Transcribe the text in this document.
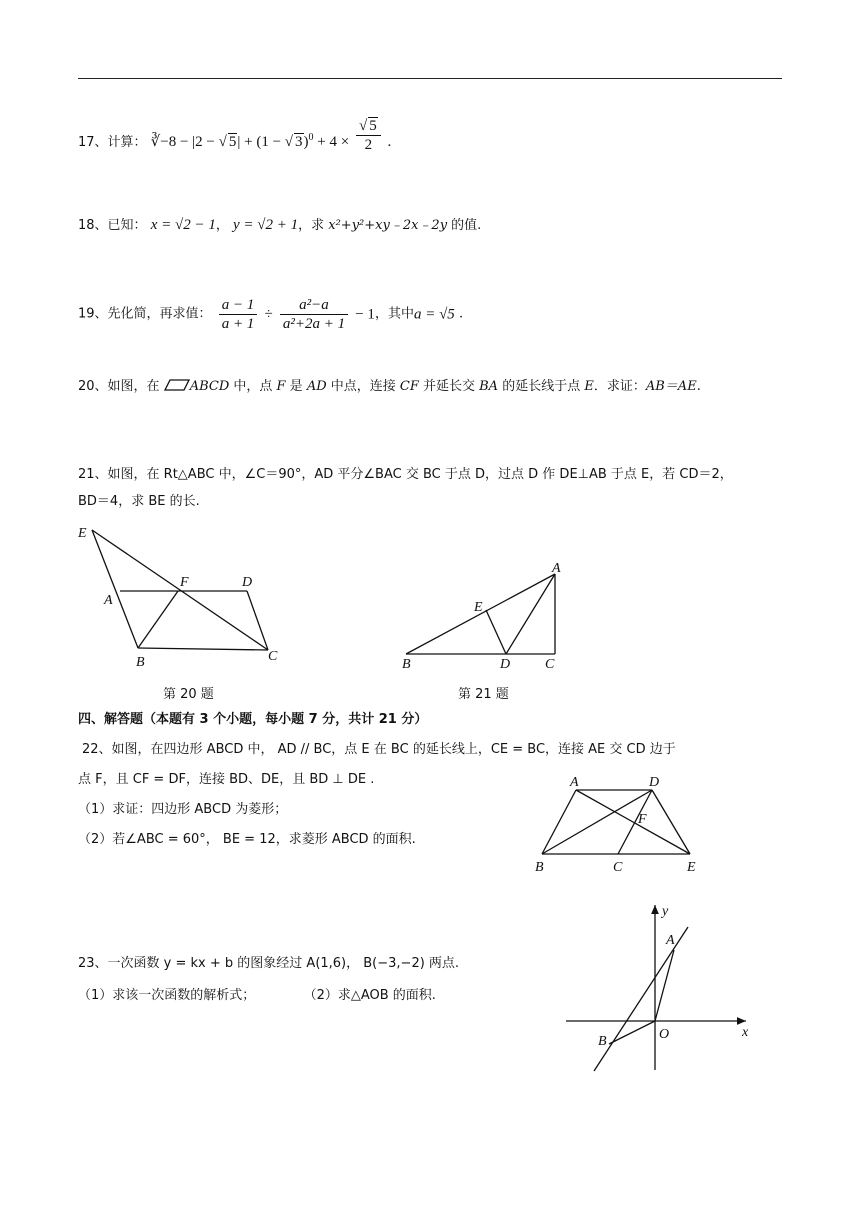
17、计算： ∛−8 − |2 − √ 5| + (1 − √ $3)^0 + 4 \times \frac{√ 5}{2}$ .
18、已知： x = √2 − 1， y = √2 + 1，求 x²+y²+xy﹣2x﹣2y 的值.
19、先化简，再求值： $\frac{a - 1}{a + 1} \div \frac{\text{a²−a}}{\text{a²+2a + 1}} - 1$，其中a = √5 .
20、如图，在 ABCD 中，点 F 是 AD 中点，连接 CF 并延长交 BA 的延长线于点 E．求证：AB＝AE.
21、如图，在 Rt△ABC 中，∠C＝90°，AD 平分∠BAC 交 BC 于点 D，过点 D 作 DE⊥AB 于点 E，若 CD＝2，
BD＝4，求 BE 的长.
E
A
F	D
B	C
第 20 题
A
E
B	D C
第 21 题
四、解答题（本题有 3 个小题，每小题 7 分，共计 21 分）
22、如图，在四边形 ABCD 中， AD // BC，点 E 在 BC 的延长线上，CE = BC，连接 AE 交 CD 边于
点 F，且 CF = DF，连接 BD、DE，且 BD ⊥ DE .
（1）求证：四边形 ABCD 为菱形；
（2）若∠ABC = 60°， BE = 12，求菱形 ABCD 的面积.
A	D
F
B	C	E
23、一次函数 y = kx + b 的图象经过 A(1,6)， B(−3,−2) 两点.
（1）求该一次函数的解析式；	（2）求△AOB 的面积.
y
A
O	x
B
